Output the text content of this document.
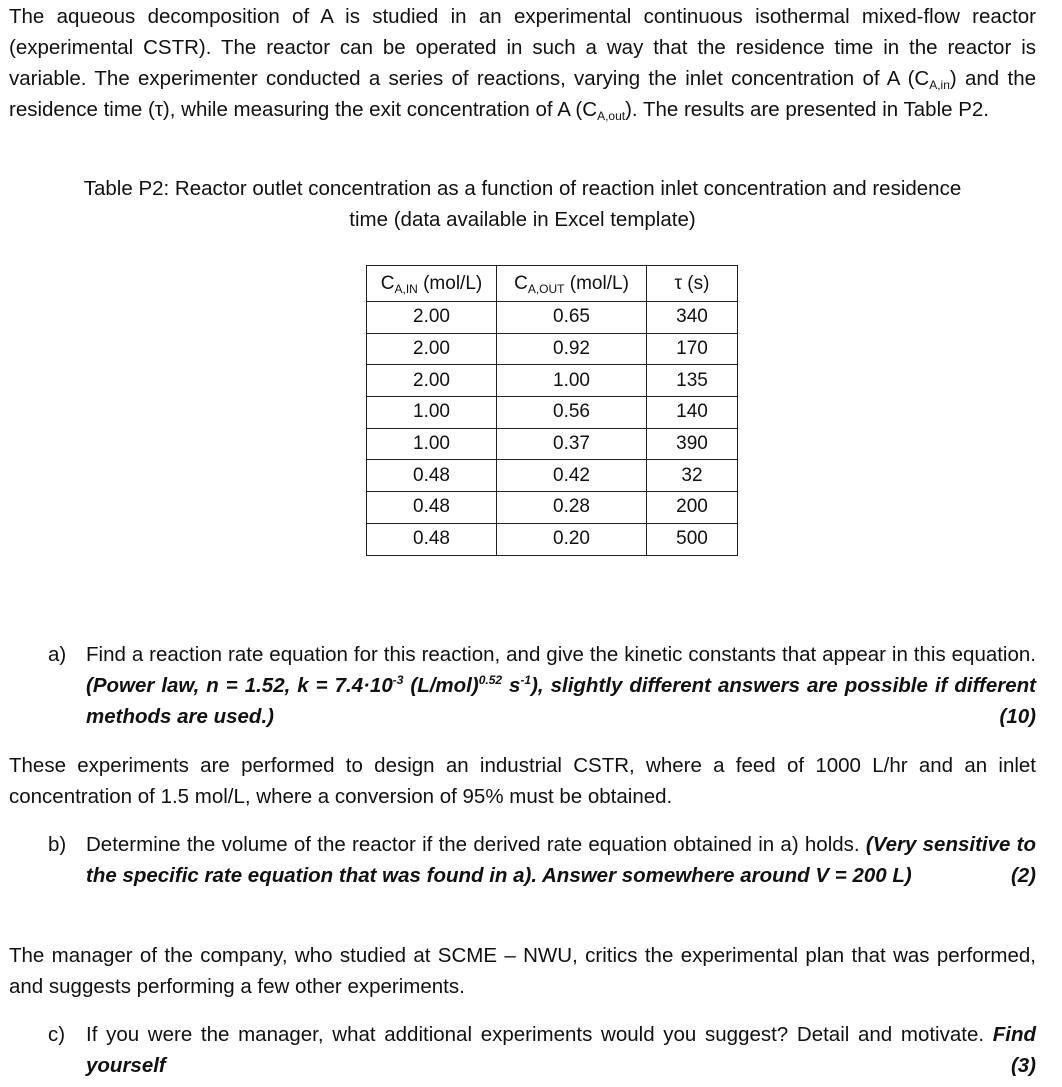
The aqueous decomposition of A is studied in an experimental continuous isothermal mixed-flow reactor (experimental CSTR). The reactor can be operated in such a way that the residence time in the reactor is variable. The experimenter conducted a series of reactions, varying the inlet concentration of A $(C_{A,in})$ and the residence time (τ), while measuring the exit concentration of A $(C_{A,out})$. The results are presented in Table P2.
Table P2: Reactor outlet concentration as a function of reaction inlet concentration and residence
time (data available in Excel template)
$C_{A,IN}$ (mol/L)	$C_{A,OUT}$ (mol/L)	τ (s)
2.00	0.65	340
2.00	0.92	170
2.00	1.00	135
1.00	0.56	140
1.00	0.37	390
0.48	0.42	32
0.48	0.28	200
0.48	0.20	500
a) Find a reaction rate equation for this reaction, and give the kinetic constants that appear in this equation. (Power law, n = 1.52, $k = 7.4\cdot 10^{-3}$ $(L/mol)^{0.52}$ $s^{-1}$), slightly different answers are possible if different methods are used.)	(10)
These experiments are performed to design an industrial CSTR, where a feed of 1000 L/hr and an inlet concentration of 1.5 mol/L, where a conversion of 95% must be obtained.
b) Determine the volume of the reactor if the derived rate equation obtained in a) holds. (Very sensitive to the specific rate equation that was found in a). Answer somewhere around V = 200 L)	(2)
The manager of the company, who studied at SCME – NWU, critics the experimental plan that was performed, and suggests performing a few other experiments.
c) If you were the manager, what additional experiments would you suggest? Detail and motivate. Find yourself	(3)
